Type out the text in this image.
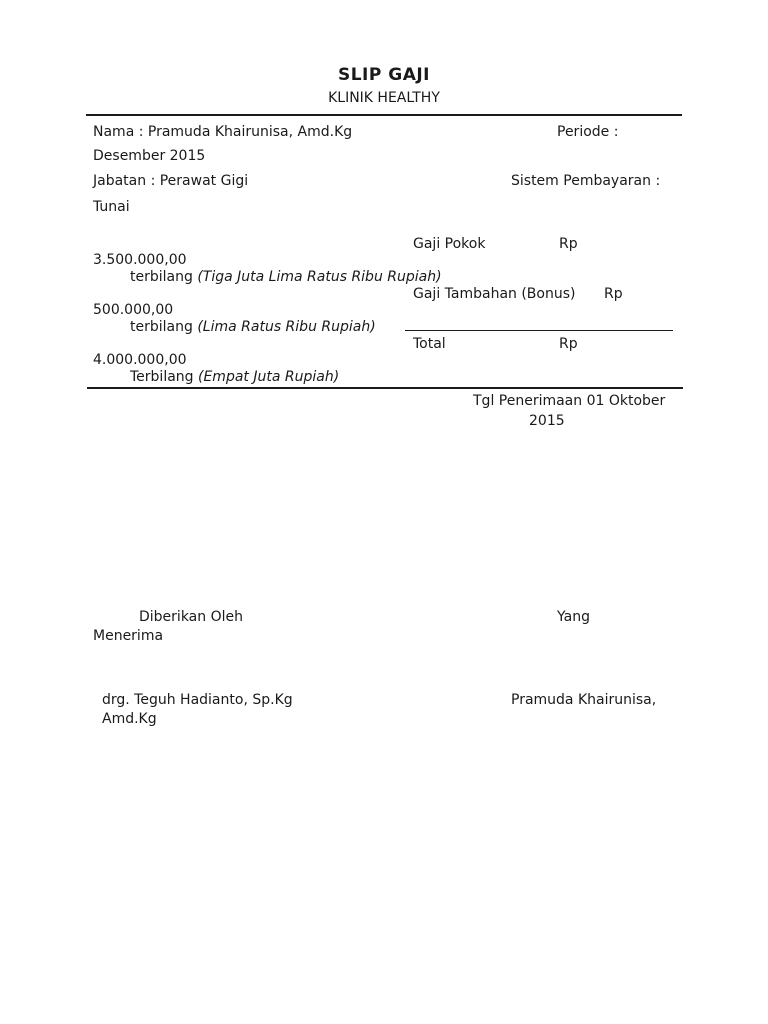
SLIP GAJI
KLINIK HEALTHY
Nama : Pramuda Khairunisa, Amd.Kg	Periode :
Desember 2015
Jabatan : Perawat Gigi	Sistem Pembayaran :
Tunai
Gaji Pokok	Rp
3.500.000,00
terbilang (Tiga Juta Lima Ratus Ribu Rupiah)
Gaji Tambahan (Bonus) Rp
500.000,00
terbilang (Lima Ratus Ribu Rupiah)
Total	Rp
4.000.000,00
Terbilang (Empat Juta Rupiah)
Tgl Penerimaan 01 Oktober
2015
Diberikan Oleh	Yang
Menerima
drg. Teguh Hadianto, Sp.Kg	Pramuda Khairunisa,
Amd.Kg
